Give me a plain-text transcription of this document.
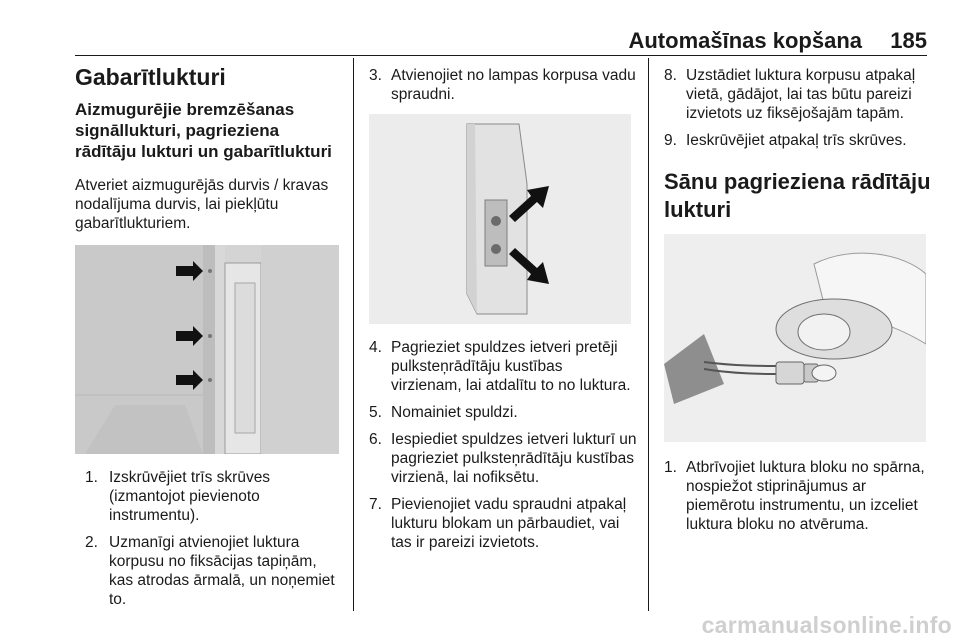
Automašīnas kopšana 185
Gabarītlukturi
Aizmugurējie bremzēšanas signāllukturi, pagrieziena rādītāju lukturi un gabarītlukturi

Atveriet aizmugurējās durvis / kravas nodalījuma durvis, lai piekļūtu gabarītlukturiem.

1. Izskrūvējiet trīs skrūves (izmantojot pievienoto instrumentu).

2. Uzmanīgi atvienojiet luktura korpusu no fiksācijas tapiņām, kas atrodas ārmalā, un noņemiet to.

3. Atvienojiet no lampas korpusa vadu spraudni.

4. Pagrieziet spuldzes ietveri pretēji pulksteņrādītāju kustības virzienam, lai atdalītu to no luktura.

5. Nomainiet spuldzi.

6. Iespiediet spuldzes ietveri lukturī un pagrieziet pulksteņrādītāju kustības virzienā, lai nofiksētu.

7. Pievienojiet vadu spraudni atpakaļ lukturu blokam un pārbaudiet, vai tas ir pareizi izvietots.

8. Uzstādiet luktura korpusu atpakaļ vietā, gādājot, lai tas būtu pareizi izvietots uz fiksējošajām tapām.

9. Ieskrūvējiet atpakaļ trīs skrūves.

Sānu pagrieziena rādītāju lukturi

1. Atbrīvojiet luktura bloku no spārna, nospiežot stiprinājumus ar piemērotu instrumentu, un izceliet luktura bloku no atvēruma.

carmanualsonline.info
